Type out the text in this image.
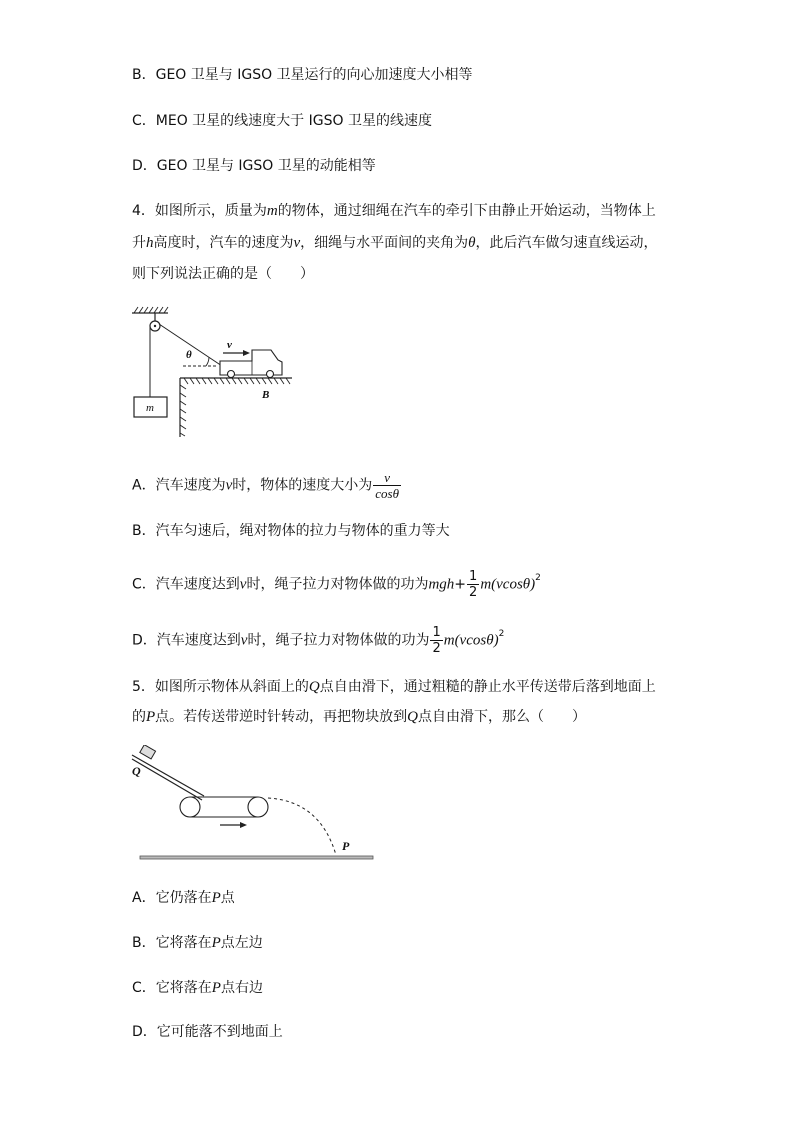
B．GEO 卫星与 IGSO 卫星运行的向心加速度大小相等
C．MEO 卫星的线速度大于 IGSO 卫星的线速度
D．GEO 卫星与 IGSO 卫星的动能相等
4．如图所示，质量为m的物体，通过细绳在汽车的牵引下由静止开始运动，当物体上
升h高度时，汽车的速度为v，细绳与水平面间的夹角为θ，此后汽车做匀速直线运动，
则下列说法正确的是（　　）
m
θ
v
B
A．汽车速度为v时，物体的速度大小为 $\frac{v}{\cos\theta}$
B．汽车匀速后，绳对物体的拉力与物体的重力等大
C．汽车速度达到v时，绳子拉力对物体做的功为$mgh+ \frac{1}{2} m(vcos\theta)^2$
D．汽车速度达到v时，绳子拉力对物体做的功为 $\frac{1}{2} m(vcos\theta)^2$
5．如图所示物体从斜面上的Q点自由滑下，通过粗糙的静止水平传送带后落到地面上
的P点。若传送带逆时针转动，再把物块放到Q点自由滑下，那么（　　）
Q
P
A．它仍落在P点
B．它将落在P点左边
C．它将落在P点右边
D．它可能落不到地面上
